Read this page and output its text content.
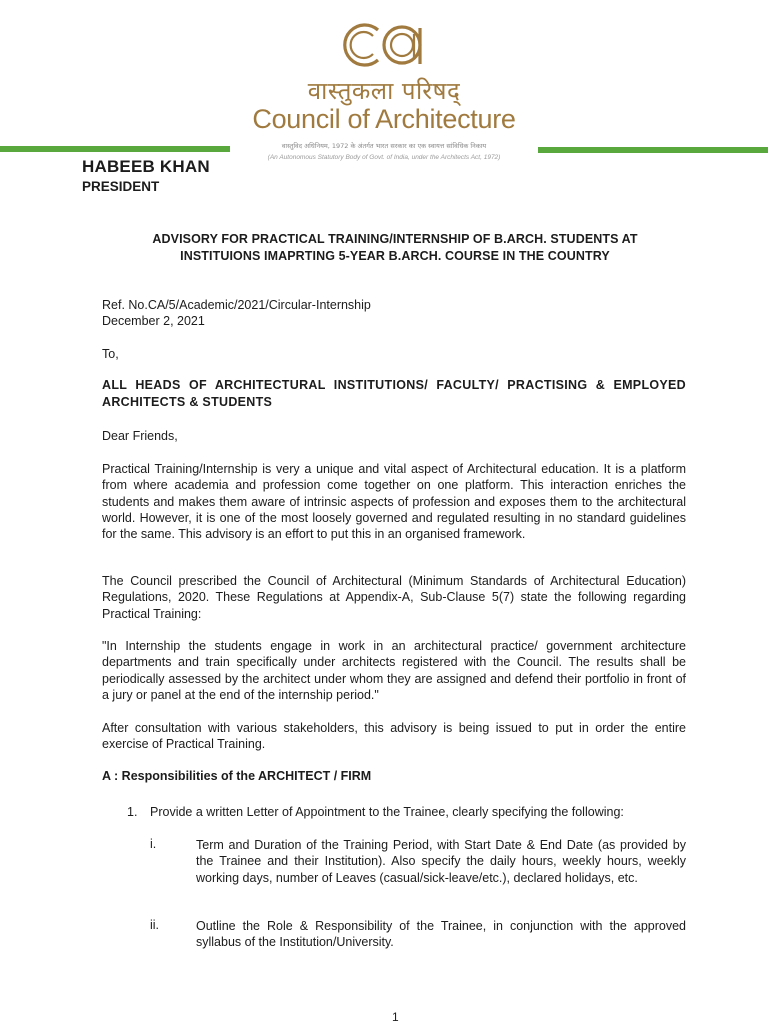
वास्तुकला परिषद्
Council of Architecture
वास्तुविद अधिनियम, 1972 के अंतर्गत भारत सरकार का एक स्वायत्त सांविधिक निकाय
(An Autonomous Statutory Body of Govt. of India, under the Architects Act, 1972)
HABEEB KHAN
PRESIDENT
ADVISORY FOR PRACTICAL TRAINING/INTERNSHIP OF B.ARCH. STUDENTS AT
INSTITUIONS IMAPRTING 5-YEAR B.ARCH. COURSE IN THE COUNTRY
Ref. No.CA/5/Academic/2021/Circular-Internship
December 2, 2021
To,
ALL HEADS OF ARCHITECTURAL INSTITUTIONS/ FACULTY/ PRACTISING & EMPLOYED ARCHITECTS & STUDENTS
Dear Friends,
Practical Training/Internship is very a unique and vital aspect of Architectural education. It is a platform from where academia and profession come together on one platform. This interaction enriches the students and makes them aware of intrinsic aspects of profession and exposes them to the architectural world. However, it is one of the most loosely governed and regulated resulting in no standard guidelines for the same. This advisory is an effort to put this in an organised framework.
The Council prescribed the Council of Architectural (Minimum Standards of Architectural Education) Regulations, 2020. These Regulations at Appendix-A, Sub-Clause 5(7) state the following regarding Practical Training:
"In Internship the students engage in work in an architectural practice/ government architecture departments and train specifically under architects registered with the Council. The results shall be periodically assessed by the architect under whom they are assigned and defend their portfolio in front of a jury or panel at the end of the internship period."
After consultation with various stakeholders, this advisory is being issued to put in order the entire exercise of Practical Training.
A : Responsibilities of the ARCHITECT / FIRM
1. Provide a written Letter of Appointment to the Trainee, clearly specifying the following:
i.	Term and Duration of the Training Period, with Start Date & End Date (as provided by the Trainee and their Institution). Also specify the daily hours, weekly hours, weekly working days, number of Leaves (casual/sick-leave/etc.), declared holidays, etc.
ii.	Outline the Role & Responsibility of the Trainee, in conjunction with the approved syllabus of the Institution/University.
1
